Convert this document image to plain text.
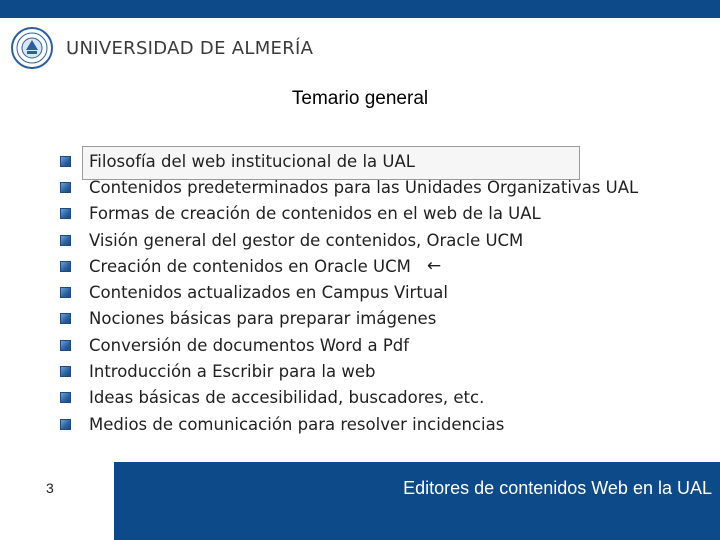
UNIVERSIDAD DE ALMERÍA
Temario general
Filosofía del web institucional de la UAL
Contenidos predeterminados para las Unidades Organizativas UAL
Formas de creación de contenidos en el web de la UAL
Visión general del gestor de contenidos, Oracle UCM
Creación de contenidos en Oracle UCM ←
Contenidos actualizados en Campus Virtual
Nociones básicas para preparar imágenes
Conversión de documentos Word a Pdf
Introducción a Escribir para la web
Ideas básicas de accesibilidad, buscadores, etc.
Medios de comunicación para resolver incidencias
3	Editores de contenidos Web en la UAL
